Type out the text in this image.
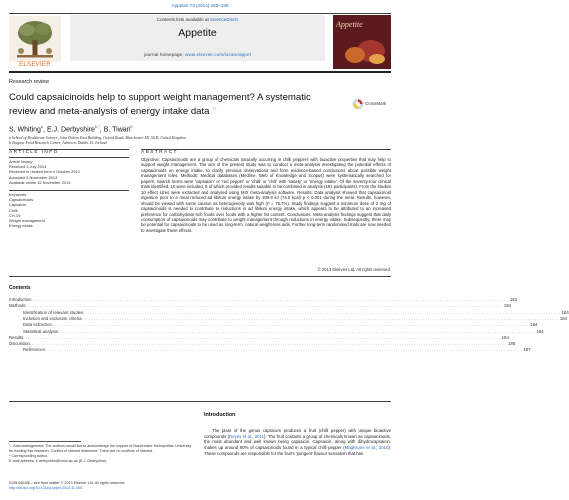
Appetite 73 (2014) 183–188
ELSEVIER
Contents lists available at ScienceDirect
Appetite
journal homepage: www.elsevier.com/locate/appet
Appetite
Research review
Could capsaicinoids help to support weight management? A systematic review and meta-analysis of energy intake data ☆
CrossMark
S. Whiting$^a$, E.J. Derbyshire$^{b,*}$, B. Tiwari$^b$
a School of Healthcare Science, John Dalton East Building, Oxford Road, Manchester M1 5GD, United Kingdom
b Teagasc Food Research Centre, Ashtown, Dublin 15, Ireland
ARTICLE INFO
Article history:
Received 3 July 2013
Received in revised form 4 October 2013
Accepted 5 November 2013
Available online 15 November 2013
Keywords:
Capsaicinoids
Capsaicin
Chilli
CH-19
Weight management
Energy intake
ABSTRACT
Objective: Capsaicinoids are a group of chemicals naturally occurring in chilli peppers with bioactive properties that may help to support weight management. The aim of the present study was to conduct a meta-analysis investigating the potential effects of capsaicinoids on energy intake, to clarify previous observations and form evidence-based conclusions about possible weight management roles. Methods: Medical databases (Medline, Web of Knowledge and Scopus) were systematically searched for papers. Search terms were 'capsaicin' or 'red pepper' or 'chilli' or 'chili' with 'satiety' or 'energy intake'. Of the seventy-four clinical trials identified, 10 were included, 8 of which provided results suitable to be combined in analysis (191 participants). From the studies 10 effect sizes were extracted and analysed using MIX meta-analysis software. Results: Data analysis showed that capsaicinoid ingestion prior to a meal reduced ad libitum energy intake by 309.9 kJ (74.0 kcal) p < 0.001 during the meal. Results, however, should be viewed with some caution as heterogeneity was high (I² = 75.7%). Study findings suggest a minimum dose of 2 mg of capsaicinoids is needed to contribute to reductions in ad libitum energy intake, which appears to be attributed to an increased preference for carbohydrate-rich foods over foods with a higher fat content. Conclusions: Meta-analysis findings suggest that daily consumption of capsaicinoids may contribute to weight management through reductions in energy intake. Subsequently, there may be potential for capsaicinoids to be used as long-term, natural weight-loss aids. Further long-term randomised trials are now needed to investigate these effects.
© 2013 Elsevier Ltd. All rights reserved.
Contents
Introduction . . . . . . . . . . . . . . . . . . . . . . . . . . . . . . . . . . . . . . . . . . . . . . . . . . . . . . . . . . . . . . . . . . . . . . . . . . . . . . . . . . . . . . . . . . . . . . . . . . . . . . . . . . . . . . . . . . . . . . . . . . . . . . . . . . . . . . . . . . . . . . . . . . . . . . . . . . . . . . . . . . . . . . . . . . . . . . . . . . . . . . . . . . . . . . . . . . . . . . . . 183
Methods . . . . . . . . . . . . . . . . . . . . . . . . . . . . . . . . . . . . . . . . . . . . . . . . . . . . . . . . . . . . . . . . . . . . . . . . . . . . . . . . . . . . . . . . . . . . . . . . . . . . . . . . . . . . . . . . . . . . . . . . . . . . . . . . . . . . . . . . . . . . . . . . . . . . . . . . . . . . . . . . . . . . . . . . . . . . . . . . . . . . . . . . . . . . . . . . . . . . . . . . 184
Identification of relevant studies . . . . . . . . . . . . . . . . . . . . . . . . . . . . . . . . . . . . . . . . . . . . . . . . . . . . . . . . . . . . . . . . . . . . . . . . . . . . . . . . . . . . . . . . . . . . . . . . . . . . . . . . . . . . . . . . . . . . . . . . . . . . . . . . . . . . . . . . . . . . . . . . . . . . . . . . . . . . . . . . . . . . . . . . . . . . . . . . . . . . . . . . . . . . . . . . . . . . . . . . 184
Inclusion and exclusion criteria . . . . . . . . . . . . . . . . . . . . . . . . . . . . . . . . . . . . . . . . . . . . . . . . . . . . . . . . . . . . . . . . . . . . . . . . . . . . . . . . . . . . . . . . . . . . . . . . . . . . . . . . . . . . . . . . . . . . . . . . . . . . . . . . . . . . . . . . . . . . . . . . . . . . . . . . . . . . . . . . . . . . . . . . . . . . . . . . . . . . . . . . . . . . . . . . . . . . . . . . 184
Data extraction . . . . . . . . . . . . . . . . . . . . . . . . . . . . . . . . . . . . . . . . . . . . . . . . . . . . . . . . . . . . . . . . . . . . . . . . . . . . . . . . . . . . . . . . . . . . . . . . . . . . . . . . . . . . . . . . . . . . . . . . . . . . . . . . . . . . . . . . . . . . . . . . . . . . . . . . . . . . . . . . . . . . . . . . . . . . . . . . . . . . . . . . . . . . . . . . . . . . . . . . 184
Statistical analysis . . . . . . . . . . . . . . . . . . . . . . . . . . . . . . . . . . . . . . . . . . . . . . . . . . . . . . . . . . . . . . . . . . . . . . . . . . . . . . . . . . . . . . . . . . . . . . . . . . . . . . . . . . . . . . . . . . . . . . . . . . . . . . . . . . . . . . . . . . . . . . . . . . . . . . . . . . . . . . . . . . . . . . . . . . . . . . . . . . . . . . . . . . . . . . . . . . . . . . . . 184
Results . . . . . . . . . . . . . . . . . . . . . . . . . . . . . . . . . . . . . . . . . . . . . . . . . . . . . . . . . . . . . . . . . . . . . . . . . . . . . . . . . . . . . . . . . . . . . . . . . . . . . . . . . . . . . . . . . . . . . . . . . . . . . . . . . . . . . . . . . . . . . . . . . . . . . . . . . . . . . . . . . . . . . . . . . . . . . . . . . . . . . . . . . . . . . . . . . . . . . . . . 184
Discussion . . . . . . . . . . . . . . . . . . . . . . . . . . . . . . . . . . . . . . . . . . . . . . . . . . . . . . . . . . . . . . . . . . . . . . . . . . . . . . . . . . . . . . . . . . . . . . . . . . . . . . . . . . . . . . . . . . . . . . . . . . . . . . . . . . . . . . . . . . . . . . . . . . . . . . . . . . . . . . . . . . . . . . . . . . . . . . . . . . . . . . . . . . . . . . . . . . . . . . . . 185
References . . . . . . . . . . . . . . . . . . . . . . . . . . . . . . . . . . . . . . . . . . . . . . . . . . . . . . . . . . . . . . . . . . . . . . . . . . . . . . . . . . . . . . . . . . . . . . . . . . . . . . . . . . . . . . . . . . . . . . . . . . . . . . . . . . . . . . . . . . . . . . . . . . . . . . . . . . . . . . . . . . . . . . . . . . . . . . . . . . . . . . . . . . . . . . . . . . . . . . . . 187
Introduction
The plant of the genus capsicum produces a fruit (chilli pepper) with unique bioactive compounds (Reyes et al., 2011). The fruit contains a group of chemicals known as capsaicinoids, the most abundant and well known being capsaicin. Capsaicin, along with dihydrocapsaicin, makes up around 90% of capsaicinoids found in a typical chilli pepper (Maghsumi et al., 2010). These compounds are responsible for the fruit's 'pungent' flavour sensation that has
☆ Acknowledgement: The authors would like to acknowledge the support of Manchester Metropolitan University for funding this research. Conflict of interest statement: There are no conflicts of interest.
* Corresponding author.
E-mail address: e.derbyshire@mmu.ac.uk (E.J. Derbyshire).
0195-6663/$ – see front matter © 2013 Elsevier Ltd. All rights reserved.
http://dx.doi.org/10.1016/j.appet.2013.11.005
